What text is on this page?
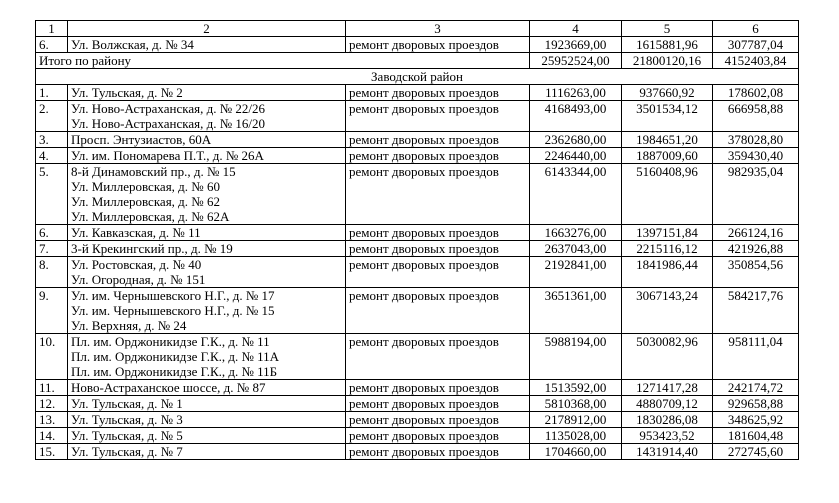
1	2	3	4	5	6
6.	Ул. Волжская, д. № 34	ремонт дворовых проездов	1923669,00	1615881,96	307787,04
Итого по району			25952524,00	21800120,16	4152403,84
Заводской район					
1.	Ул. Тульская, д. № 2	ремонт дворовых проездов	1116263,00	937660,92	178602,08
2.	Ул. Ново-Астраханская, д. № 22/26
Ул. Ново-Астраханская, д. № 16/20	ремонт дворовых проездов	4168493,00	3501534,12	666958,88
3.	Просп. Энтузиастов, 60А	ремонт дворовых проездов	2362680,00	1984651,20	378028,80
4.	Ул. им. Пономарева П.Т., д. № 26А	ремонт дворовых проездов	2246440,00	1887009,60	359430,40
5.	8-й Динамовский пр., д. № 15
Ул. Миллеровская, д. № 60
Ул. Миллеровская, д. № 62
Ул. Миллеровская, д. № 62А	ремонт дворовых проездов	6143344,00	5160408,96	982935,04
6.	Ул. Кавказская, д. № 11	ремонт дворовых проездов	1663276,00	1397151,84	266124,16
7.	3-й Крекингский пр., д. № 19	ремонт дворовых проездов	2637043,00	2215116,12	421926,88
8.	Ул. Ростовская, д. № 40
Ул. Огородная, д. № 151	ремонт дворовых проездов	2192841,00	1841986,44	350854,56
9.	Ул. им. Чернышевского Н.Г., д. № 17
Ул. им. Чернышевского Н.Г., д. № 15
Ул. Верхняя, д. № 24	ремонт дворовых проездов	3651361,00	3067143,24	584217,76
10.	Пл. им. Орджоникидзе Г.К., д. № 11
Пл. им. Орджоникидзе Г.К., д. № 11А
Пл. им. Орджоникидзе Г.К., д. № 11Б	ремонт дворовых проездов	5988194,00	5030082,96	958111,04
11.	Ново-Астраханское шоссе, д. № 87	ремонт дворовых проездов	1513592,00	1271417,28	242174,72
12.	Ул. Тульская, д. № 1	ремонт дворовых проездов	5810368,00	4880709,12	929658,88
13.	Ул. Тульская, д. № 3	ремонт дворовых проездов	2178912,00	1830286,08	348625,92
14.	Ул. Тульская, д. № 5	ремонт дворовых проездов	1135028,00	953423,52	181604,48
15.	Ул. Тульская, д. № 7	ремонт дворовых проездов	1704660,00	1431914,40	272745,60
